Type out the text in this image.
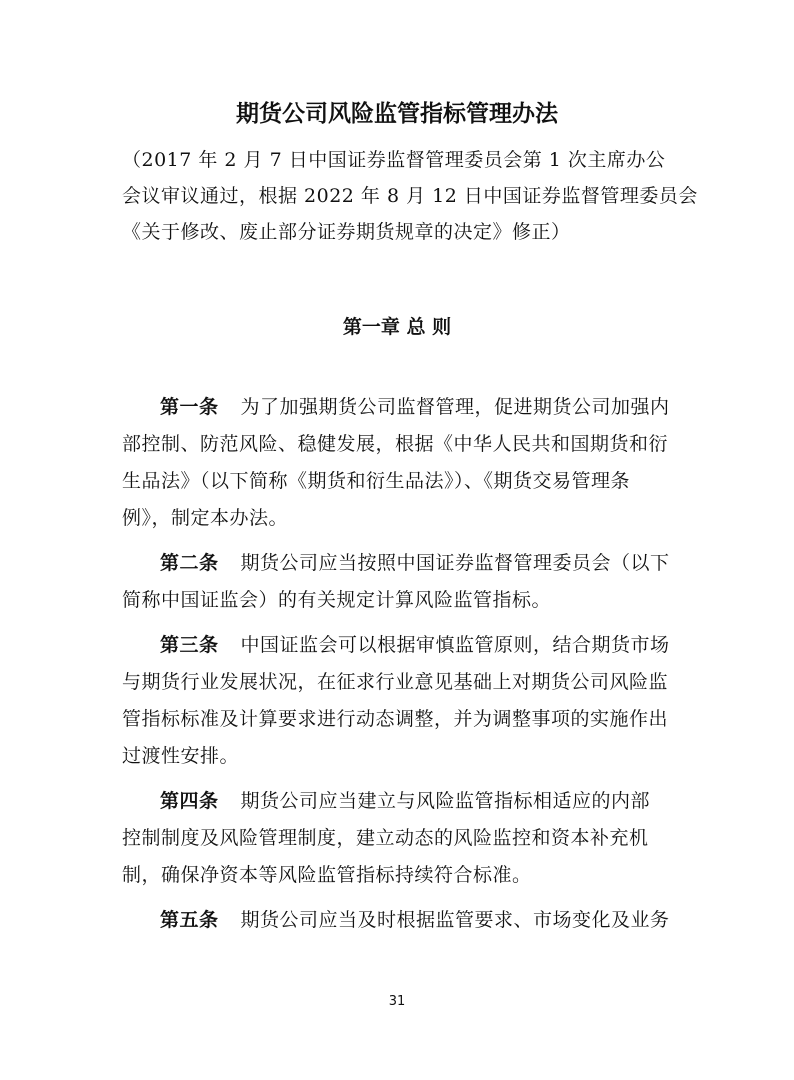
期货公司风险监管指标管理办法
（2017 年 2 月 7 日中国证券监督管理委员会第 1 次主席办公
会议审议通过，根据 2022 年 8 月 12 日中国证券监督管理委员会
《关于修改、废止部分证券期货规章的决定》修正）
第一章 总 则
第一条 为了加强期货公司监督管理，促进期货公司加强内
部控制、防范风险、稳健发展，根据《中华人民共和国期货和衍
生品法》（以下简称《期货和衍生品法》）、《期货交易管理条
例》，制定本办法。
第二条 期货公司应当按照中国证券监督管理委员会（以下
简称中国证监会）的有关规定计算风险监管指标。
第三条 中国证监会可以根据审慎监管原则，结合期货市场
与期货行业发展状况，在征求行业意见基础上对期货公司风险监
管指标标准及计算要求进行动态调整，并为调整事项的实施作出
过渡性安排。
第四条 期货公司应当建立与风险监管指标相适应的内部
控制制度及风险管理制度，建立动态的风险监控和资本补充机
制，确保净资本等风险监管指标持续符合标准。
第五条 期货公司应当及时根据监管要求、市场变化及业务
31
